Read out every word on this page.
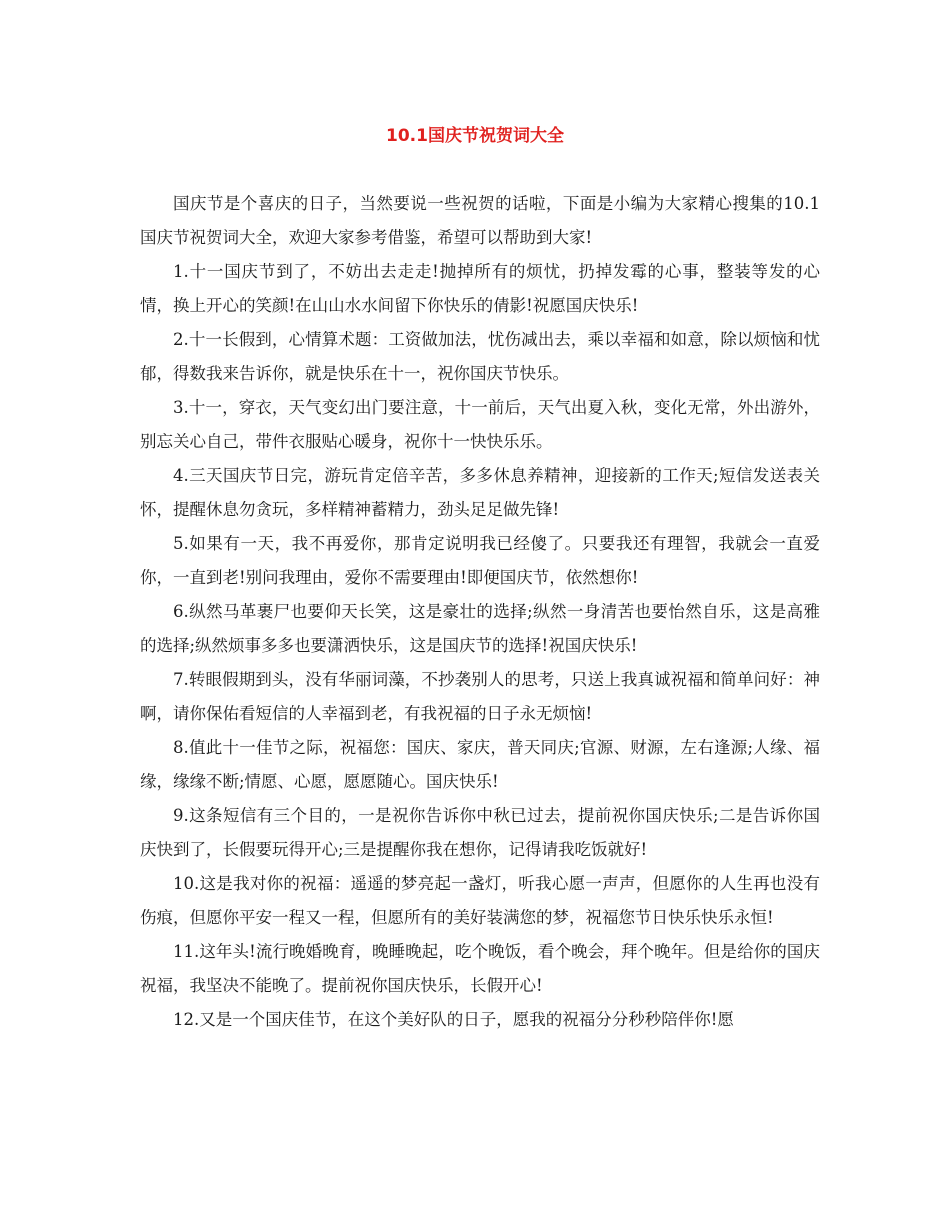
10.1国庆节祝贺词大全

国庆节是个喜庆的日子，当然要说一些祝贺的话啦，下面是小编为大家精心搜集的10.1国庆节祝贺词大全，欢迎大家参考借鉴，希望可以帮助到大家!

1.十一国庆节到了，不妨出去走走!抛掉所有的烦忧，扔掉发霉的心事，整装等发的心情，换上开心的笑颜!在山山水水间留下你快乐的倩影!祝愿国庆快乐!

2.十一长假到，心情算术题：工资做加法，忧伤减出去，乘以幸福和如意，除以烦恼和忧郁，得数我来告诉你，就是快乐在十一，祝你国庆节快乐。

3.十一，穿衣，天气变幻出门要注意，十一前后，天气出夏入秋，变化无常，外出游外，别忘关心自己，带件衣服贴心暖身，祝你十一快快乐乐。

4.三天国庆节日完，游玩肯定倍辛苦，多多休息养精神，迎接新的工作天;短信发送表关怀，提醒休息勿贪玩，多样精神蓄精力，劲头足足做先锋!

5.如果有一天，我不再爱你，那肯定说明我已经傻了。只要我还有理智，我就会一直爱你，一直到老!别问我理由，爱你不需要理由!即便国庆节，依然想你!

6.纵然马革裹尸也要仰天长笑，这是豪壮的选择;纵然一身清苦也要怡然自乐，这是高雅的选择;纵然烦事多多也要潇洒快乐，这是国庆节的选择!祝国庆快乐!

7.转眼假期到头，没有华丽词藻，不抄袭别人的思考，只送上我真诚祝福和简单问好：神啊，请你保佑看短信的人幸福到老，有我祝福的日子永无烦恼!

8.值此十一佳节之际，祝福您：国庆、家庆，普天同庆;官源、财源，左右逢源;人缘、福缘，缘缘不断;情愿、心愿，愿愿随心。国庆快乐!

9.这条短信有三个目的，一是祝你告诉你中秋已过去，提前祝你国庆快乐;二是告诉你国庆快到了，长假要玩得开心;三是提醒你我在想你，记得请我吃饭就好!

10.这是我对你的祝福：遥遥的梦亮起一盏灯，听我心愿一声声，但愿你的人生再也没有伤痕，但愿你平安一程又一程，但愿所有的美好装满您的梦，祝福您节日快乐快乐永恒!

11.这年头!流行晚婚晚育，晚睡晚起，吃个晚饭，看个晚会，拜个晚年。但是给你的国庆祝福，我坚决不能晚了。提前祝你国庆快乐，长假开心!

12.又是一个国庆佳节，在这个美好队的日子，愿我的祝福分分秒秒陪伴你!愿
